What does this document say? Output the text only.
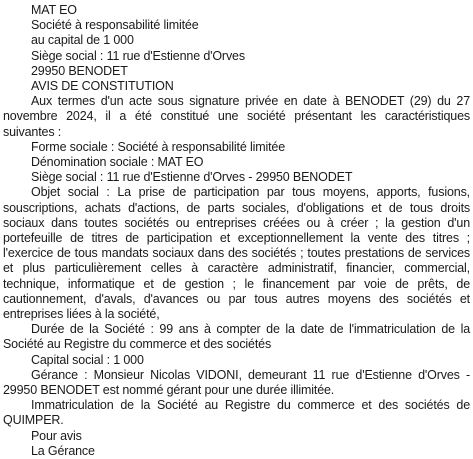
MAT EO
Société à responsabilité limitée
au capital de 1 000
Siège social : 11 rue d'Estienne d'Orves
29950 BENODET
AVIS DE CONSTITUTION
Aux termes d'un acte sous signature privée en date à BENODET (29) du 27 novembre 2024, il a été constitué une société présentant les caractéristiques suivantes :
Forme sociale : Société à responsabilité limitée
Dénomination sociale : MAT EO
Siège social : 11 rue d'Estienne d'Orves - 29950 BENODET
Objet social : La prise de participation par tous moyens, apports, fusions, souscriptions, achats d'actions, de parts sociales, d'obligations et de tous droits sociaux dans toutes sociétés ou entreprises créées ou à créer ; la gestion d'un portefeuille de titres de participation et exceptionnellement la vente des titres ; l'exercice de tous mandats sociaux dans des sociétés ; toutes prestations de services et plus particulièrement celles à caractère administratif, financier, commercial, technique, informatique et de gestion ; le financement par voie de prêts, de cautionnement, d'avals, d'avances ou par tous autres moyens des sociétés et entreprises liées à la société,
Durée de la Société : 99 ans à compter de la date de l'immatriculation de la Société au Registre du commerce et des sociétés
Capital social : 1 000
Gérance : Monsieur Nicolas VIDONI, demeurant 11 rue d'Estienne d'Orves - 29950 BENODET est nommé gérant pour une durée illimitée.
Immatriculation de la Société au Registre du commerce et des sociétés de QUIMPER.
Pour avis
La Gérance
